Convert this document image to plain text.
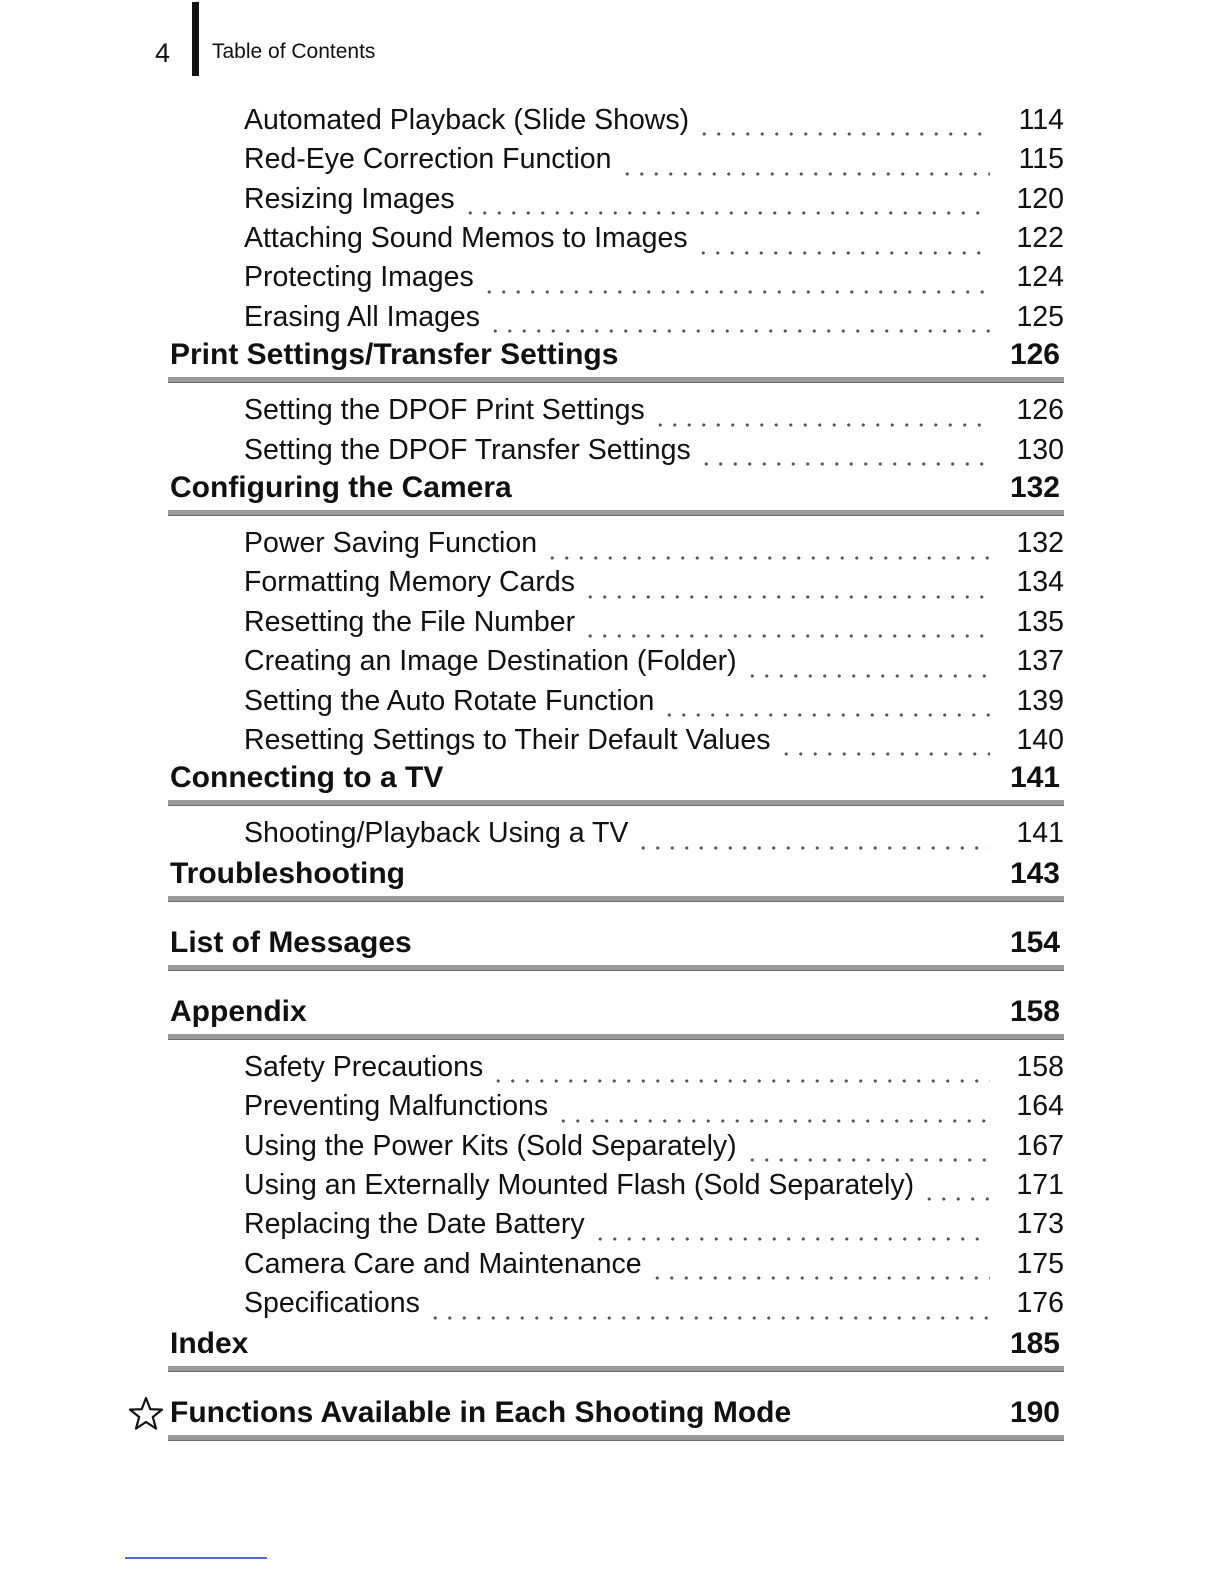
4 Table of Contents
Automated Playback (Slide Shows)	114
Red-Eye Correction Function	115
Resizing Images	120
Attaching Sound Memos to Images	122
Protecting Images	124
Erasing All Images	125
Print Settings/Transfer Settings	126
Setting the DPOF Print Settings	126
Setting the DPOF Transfer Settings	130
Configuring the Camera	132
Power Saving Function	132
Formatting Memory Cards	134
Resetting the File Number	135
Creating an Image Destination (Folder)	137
Setting the Auto Rotate Function	139
Resetting Settings to Their Default Values	140
Connecting to a TV	141
Shooting/Playback Using a TV	141
Troubleshooting	143
List of Messages	154
Appendix	158
Safety Precautions	158
Preventing Malfunctions	164
Using the Power Kits (Sold Separately)	167
Using an Externally Mounted Flash (Sold Separately)	171
Replacing the Date Battery	173
Camera Care and Maintenance	175
Specifications	176
Index	185
Functions Available in Each Shooting Mode	190
